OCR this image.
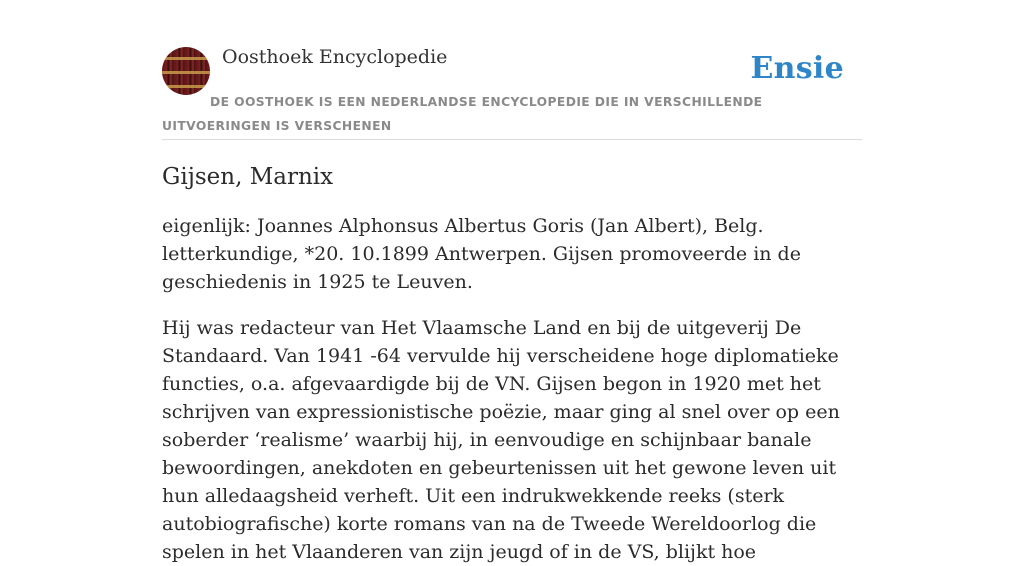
Oosthoek Encyclopedie	Ensie
DE OOSTHOEK IS EEN NEDERLANDSE ENCYCLOPEDIE DIE IN VERSCHILLENDE UITVOERINGEN IS VERSCHENEN
Gijsen, Marnix

eigenlijk: Joannes Alphonsus Albertus Goris (Jan Albert), Belg. letterkundige, *20. 10.1899 Antwerpen. Gijsen promoveerde in de geschiedenis in 1925 te Leuven.

Hij was redacteur van Het Vlaamsche Land en bij de uitgeverij De Standaard. Van 1941 -64 vervulde hij verscheidene hoge diplomatieke functies, o.a. afgevaardigde bij de VN. Gijsen begon in 1920 met het schrijven van expressionistische poëzie, maar ging al snel over op een soberder ‘realisme’ waarbij hij, in eenvoudige en schijnbaar banale bewoordingen, anekdoten en gebeurtenissen uit het gewone leven uit hun alledaagsheid verheft. Uit een indrukwekkende reeks (sterk autobiografische) korte romans van na de Tweede Wereldoorlog die spelen in het Vlaanderen van zijn jeugd of in de VS, blijkt hoe
